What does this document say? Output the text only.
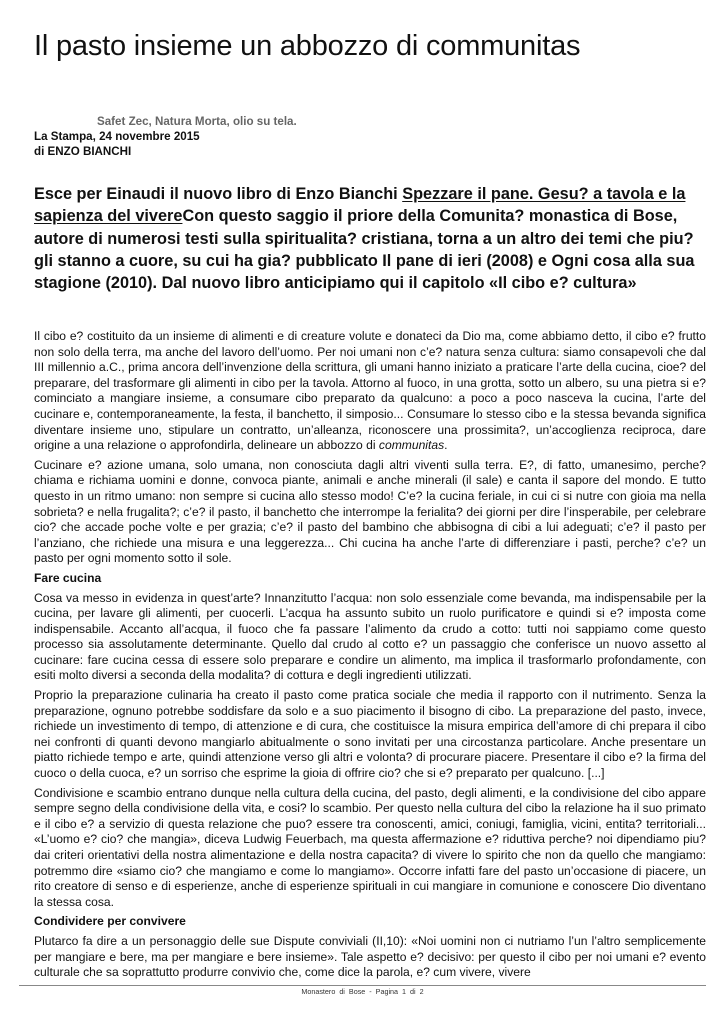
Il pasto insieme un abbozzo di communitas
Safet Zec, Natura Morta, olio su tela.
La Stampa, 24 novembre 2015
di ENZO BIANCHI

Esce per Einaudi il nuovo libro di Enzo Bianchi Spezzare il pane. Gesu? a tavola e la sapienza del vivereCon questo saggio il priore della Comunita? monastica di Bose, autore di numerosi testi sulla spiritualita? cristiana, torna a un altro dei temi che piu? gli stanno a cuore, su cui ha gia? pubblicato Il pane di ieri (2008) e Ogni cosa alla sua stagione (2010). Dal nuovo libro anticipiamo qui il capitolo «Il cibo e? cultura»

Il cibo e? costituito da un insieme di alimenti e di creature volute e donateci da Dio ma, come abbiamo detto, il cibo e? frutto non solo della terra, ma anche del lavoro dell’uomo. Per noi umani non c’e? natura senza cultura: siamo consapevoli che dal III millennio a.C., prima ancora dell’invenzione della scrittura, gli umani hanno iniziato a praticare l’arte della cucina, cioe? del preparare, del trasformare gli alimenti in cibo per la tavola. Attorno al fuoco, in una grotta, sotto un albero, su una pietra si e? cominciato a mangiare insieme, a consumare cibo preparato da qualcuno: a poco a poco nasceva la cucina, l’arte del cucinare e, contemporaneamente, la festa, il banchetto, il simposio... Consumare lo stesso cibo e la stessa bevanda significa diventare insieme uno, stipulare un contratto, un’alleanza, riconoscere una prossimita?, un’accoglienza reciproca, dare origine a una relazione o approfondirla, delineare un abbozzo di communitas.

Cucinare e? azione umana, solo umana, non conosciuta dagli altri viventi sulla terra. E?, di fatto, umanesimo, perche? chiama e richiama uomini e donne, convoca piante, animali e anche minerali (il sale) e canta il sapore del mondo. E tutto questo in un ritmo umano: non sempre si cucina allo stesso modo! C’e? la cucina feriale, in cui ci si nutre con gioia ma nella sobrieta? e nella frugalita?; c’e? il pasto, il banchetto che interrompe la ferialita? dei giorni per dire l’insperabile, per celebrare cio? che accade poche volte e per grazia; c’e? il pasto del bambino che abbisogna di cibi a lui adeguati; c’e? il pasto per l’anziano, che richiede una misura e una leggerezza... Chi cucina ha anche l’arte di differenziare i pasti, perche? c’e? un pasto per ogni momento sotto il sole.

Fare cucina

Cosa va messo in evidenza in quest’arte? Innanzitutto l’acqua: non solo essenziale come bevanda, ma indispensabile per la cucina, per lavare gli alimenti, per cuocerli. L’acqua ha assunto subito un ruolo purificatore e quindi si e? imposta come indispensabile. Accanto all’acqua, il fuoco che fa passare l’alimento da crudo a cotto: tutti noi sappiamo come questo processo sia assolutamente determinante. Quello dal crudo al cotto e? un passaggio che conferisce un nuovo assetto al cucinare: fare cucina cessa di essere solo preparare e condire un alimento, ma implica il trasformarlo profondamente, con esiti molto diversi a seconda della modalita? di cottura e degli ingredienti utilizzati.

Proprio la preparazione culinaria ha creato il pasto come pratica sociale che media il rapporto con il nutrimento. Senza la preparazione, ognuno potrebbe soddisfare da solo e a suo piacimento il bisogno di cibo. La preparazione del pasto, invece, richiede un investimento di tempo, di attenzione e di cura, che costituisce la misura empirica dell’amore di chi prepara il cibo nei confronti di quanti devono mangiarlo abitualmente o sono invitati per una circostanza particolare. Anche presentare un piatto richiede tempo e arte, quindi attenzione verso gli altri e volonta? di procurare piacere. Presentare il cibo e? la firma del cuoco o della cuoca, e? un sorriso che esprime la gioia di offrire cio? che si e? preparato per qualcuno. [...]

Condivisione e scambio entrano dunque nella cultura della cucina, del pasto, degli alimenti, e la condivisione del cibo appare sempre segno della condivisione della vita, e cosi? lo scambio. Per questo nella cultura del cibo la relazione ha il suo primato e il cibo e? a servizio di questa relazione che puo? essere tra conoscenti, amici, coniugi, famiglia, vicini, entita? territoriali... «L’uomo e? cio? che mangia», diceva Ludwig Feuerbach, ma questa affermazione e? riduttiva perche? noi dipendiamo piu? dai criteri orientativi della nostra alimentazione e della nostra capacita? di vivere lo spirito che non da quello che mangiamo: potremmo dire «siamo cio? che mangiamo e come lo mangiamo». Occorre infatti fare del pasto un’occasione di piacere, un rito creatore di senso e di esperienze, anche di esperienze spirituali in cui mangiare in comunione e conoscere Dio diventano la stessa cosa.

Condividere per convivere

Plutarco fa dire a un personaggio delle sue Dispute conviviali (II,10): «Noi uomini non ci nutriamo l’un l’altro semplicemente per mangiare e bere, ma per mangiare e bere insieme». Tale aspetto e? decisivo: per questo il cibo per noi umani e? evento culturale che sa soprattutto produrre convivio che, come dice la parola, e? cum vivere, vivere

Monastero di Bose - Pagina 1 di 2
